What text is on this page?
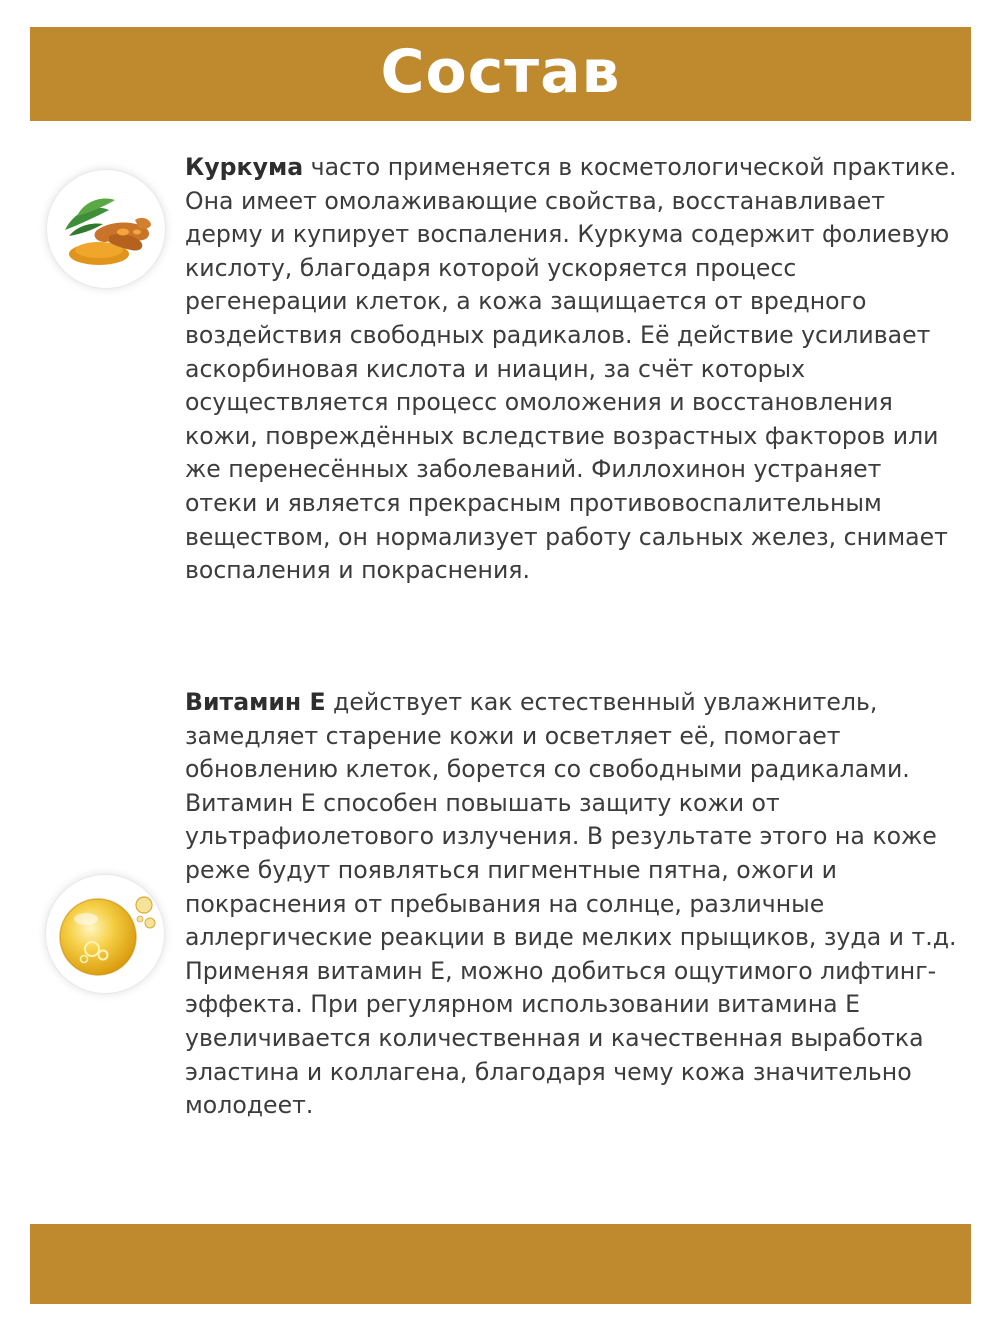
Состав

Куркума часто применяется в косметологической практике. Она имеет омолаживающие свойства, восстанавливает дерму и купирует воспаления. Куркума содержит фолиевую кислоту, благодаря которой ускоряется процесс регенерации клеток, а кожа защищается от вредного воздействия свободных радикалов. Её действие усиливает аскорбиновая кислота и ниацин, за счёт которых осуществляется процесс омоложения и восстановления кожи, повреждённых вследствие возрастных факторов или же перенесённых заболеваний. Филлохинон устраняет отеки и является прекрасным противовоспалительным веществом, он нормализует работу сальных желез, снимает воспаления и покраснения.

Витамин Е действует как естественный увлажнитель, замедляет старение кожи и осветляет её, помогает обновлению клеток, борется со свободными радикалами. Витамин Е способен повышать защиту кожи от ультрафиолетового излучения. В результате этого на коже реже будут появляться пигментные пятна, ожоги и покраснения от пребывания на солнце, различные аллергические реакции в виде мелких прыщиков, зуда и т.д. Применяя витамин Е, можно добиться ощутимого лифтинг-эффекта. При регулярном использовании витамина Е увеличивается количественная и качественная выработка эластина и коллагена, благодаря чему кожа значительно молодеет.
